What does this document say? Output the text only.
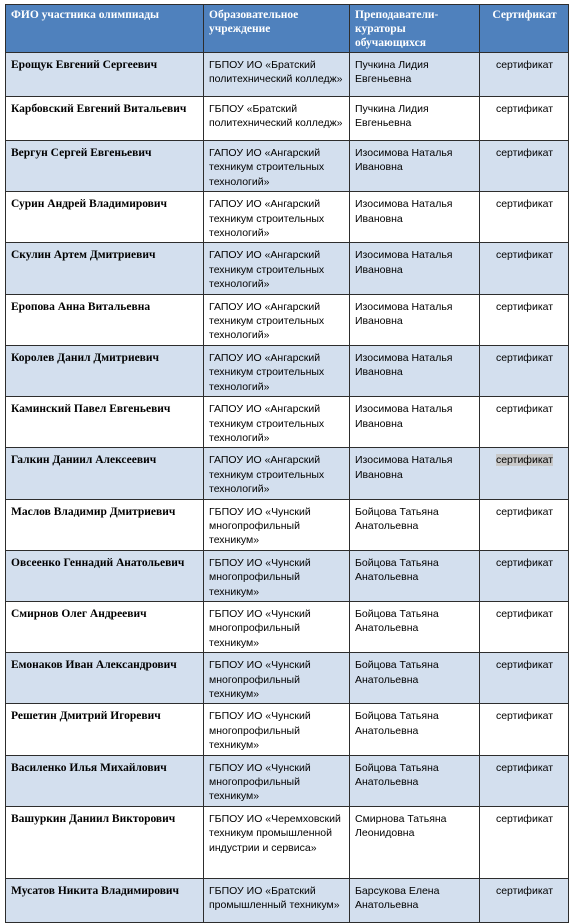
ФИО участника олимпиады	Образовательное учреждение	Преподаватели-кураторы обучающихся	Сертификат
Ерощук Евгений Сергеевич	ГБПОУ ИО «Братский политехнический колледж»	Пучкина Лидия Евгеньевна	сертификат
Карбовский Евгений Витальевич	ГБПОУ «Братский политехнический колледж»	Пучкина Лидия Евгеньевна	сертификат
Вергун Сергей Евгеньевич	ГАПОУ ИО «Ангарский техникум строительных технологий»	Изосимова Наталья Ивановна	сертификат
Сурин Андрей Владимирович	ГАПОУ ИО «Ангарский техникум строительных технологий»	Изосимова Наталья Ивановна	сертификат
Скулин Артем Дмитриевич	ГАПОУ ИО «Ангарский техникум строительных технологий»	Изосимова Наталья Ивановна	сертификат
Еропова Анна Витальевна	ГАПОУ ИО «Ангарский техникум строительных технологий»	Изосимова Наталья Ивановна	сертификат
Королев Данил Дмитриевич	ГАПОУ ИО «Ангарский техникум строительных технологий»	Изосимова Наталья Ивановна	сертификат
Каминский Павел Евгеньевич	ГАПОУ ИО «Ангарский техникум строительных технологий»	Изосимова Наталья Ивановна	сертификат
Галкин Даниил Алексеевич	ГАПОУ ИО «Ангарский техникум строительных технологий»	Изосимова Наталья Ивановна	сертификат
Маслов Владимир Дмитриевич	ГБПОУ ИО «Чунский многопрофильный техникум»	Бойцова Татьяна Анатольевна	сертификат
Овсеенко Геннадий Анатольевич	ГБПОУ ИО «Чунский многопрофильный техникум»	Бойцова Татьяна Анатольевна	сертификат
Смирнов Олег Андреевич	ГБПОУ ИО «Чунский многопрофильный техникум»	Бойцова Татьяна Анатольевна	сертификат
Емонаков Иван Александрович	ГБПОУ ИО «Чунский многопрофильный техникум»	Бойцова Татьяна Анатольевна	сертификат
Решетин Дмитрий Игоревич	ГБПОУ ИО «Чунский многопрофильный техникум»	Бойцова Татьяна Анатольевна	сертификат
Василенко Илья Михайлович	ГБПОУ ИО «Чунский многопрофильный техникум»	Бойцова Татьяна Анатольевна	сертификат
Вашуркин Даниил Викторович	ГБПОУ ИО «Черемховский техникум промышленной индустрии и сервиса»	Смирнова Татьяна Леонидовна	сертификат
Мусатов Никита Владимирович	ГБПОУ ИО «Братский промышленный техникум»	Барсукова Елена Анатольевна	сертификат
